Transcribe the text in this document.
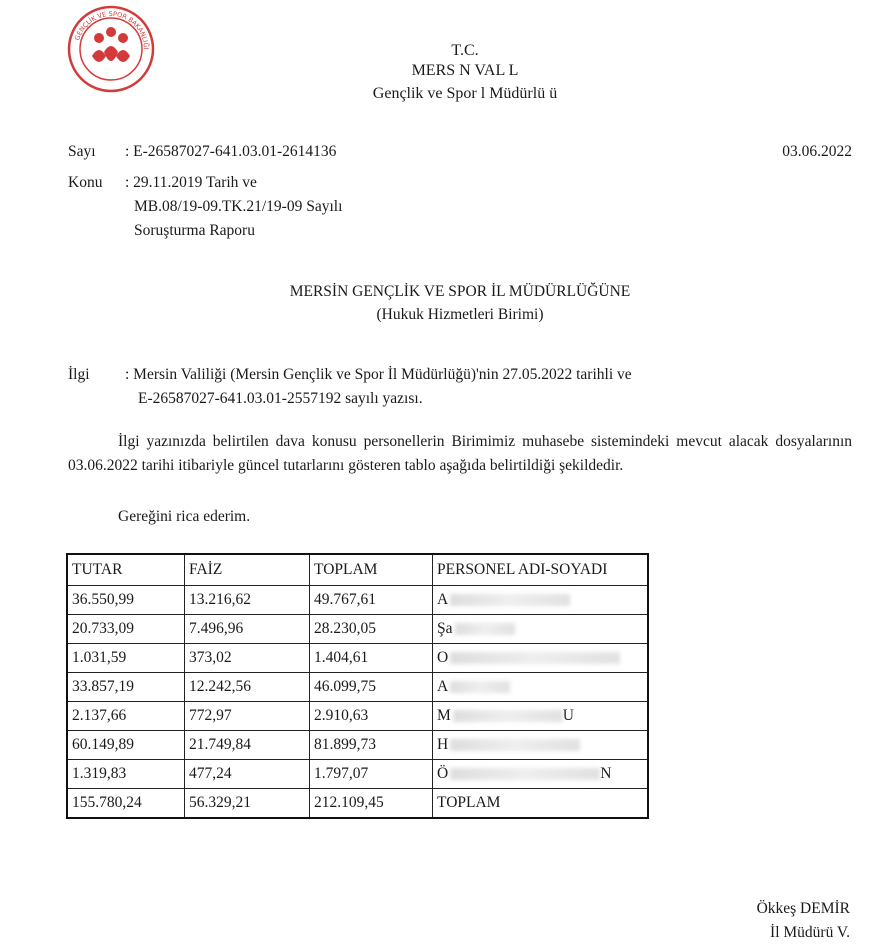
GENÇLİK VE SPOR BAKANLIĞI	T.C.
MERS N VAL L
Gençlik ve Spor l Müdürlü ü
Sayı : E-26587027-641.03.01-2614136	03.06.2022
Konu : 29.11.2019 Tarih ve
MB.08/19-09.TK.21/19-09 Sayılı
Soruşturma Raporu
MERSİN GENÇLİK VE SPOR İL MÜDÜRLÜĞÜNE
(Hukuk Hizmetleri Birimi)
İlgi : Mersin Valiliği (Mersin Gençlik ve Spor İl Müdürlüğü)'nin 27.05.2022 tarihli ve
E-26587027-641.03.01-2557192 sayılı yazısı.
İlgi yazınızda belirtilen dava konusu personellerin Birimimiz muhasebe sistemindeki mevcut alacak dosyalarının 03.06.2022 tarihi itibariyle güncel tutarlarını gösteren tablo aşağıda belirtildiği şekildedir.
Gereğini rica ederim.
TUTAR	FAİZ	TOPLAM	PERSONEL ADI-SOYADI
36.550,99	13.216,62	49.767,61	A
20.733,09	7.496,96	28.230,05	Şa
1.031,59	373,02	1.404,61	O
33.857,19	12.242,56	46.099,75	A
2.137,66	772,97	2.910,63	M U
60.149,89	21.749,84	81.899,73	H
1.319,83	477,24	1.797,07	Ö N
155.780,24	56.329,21	212.109,45	TOPLAM
Ökkeş DEMİR
İl Müdürü V.
